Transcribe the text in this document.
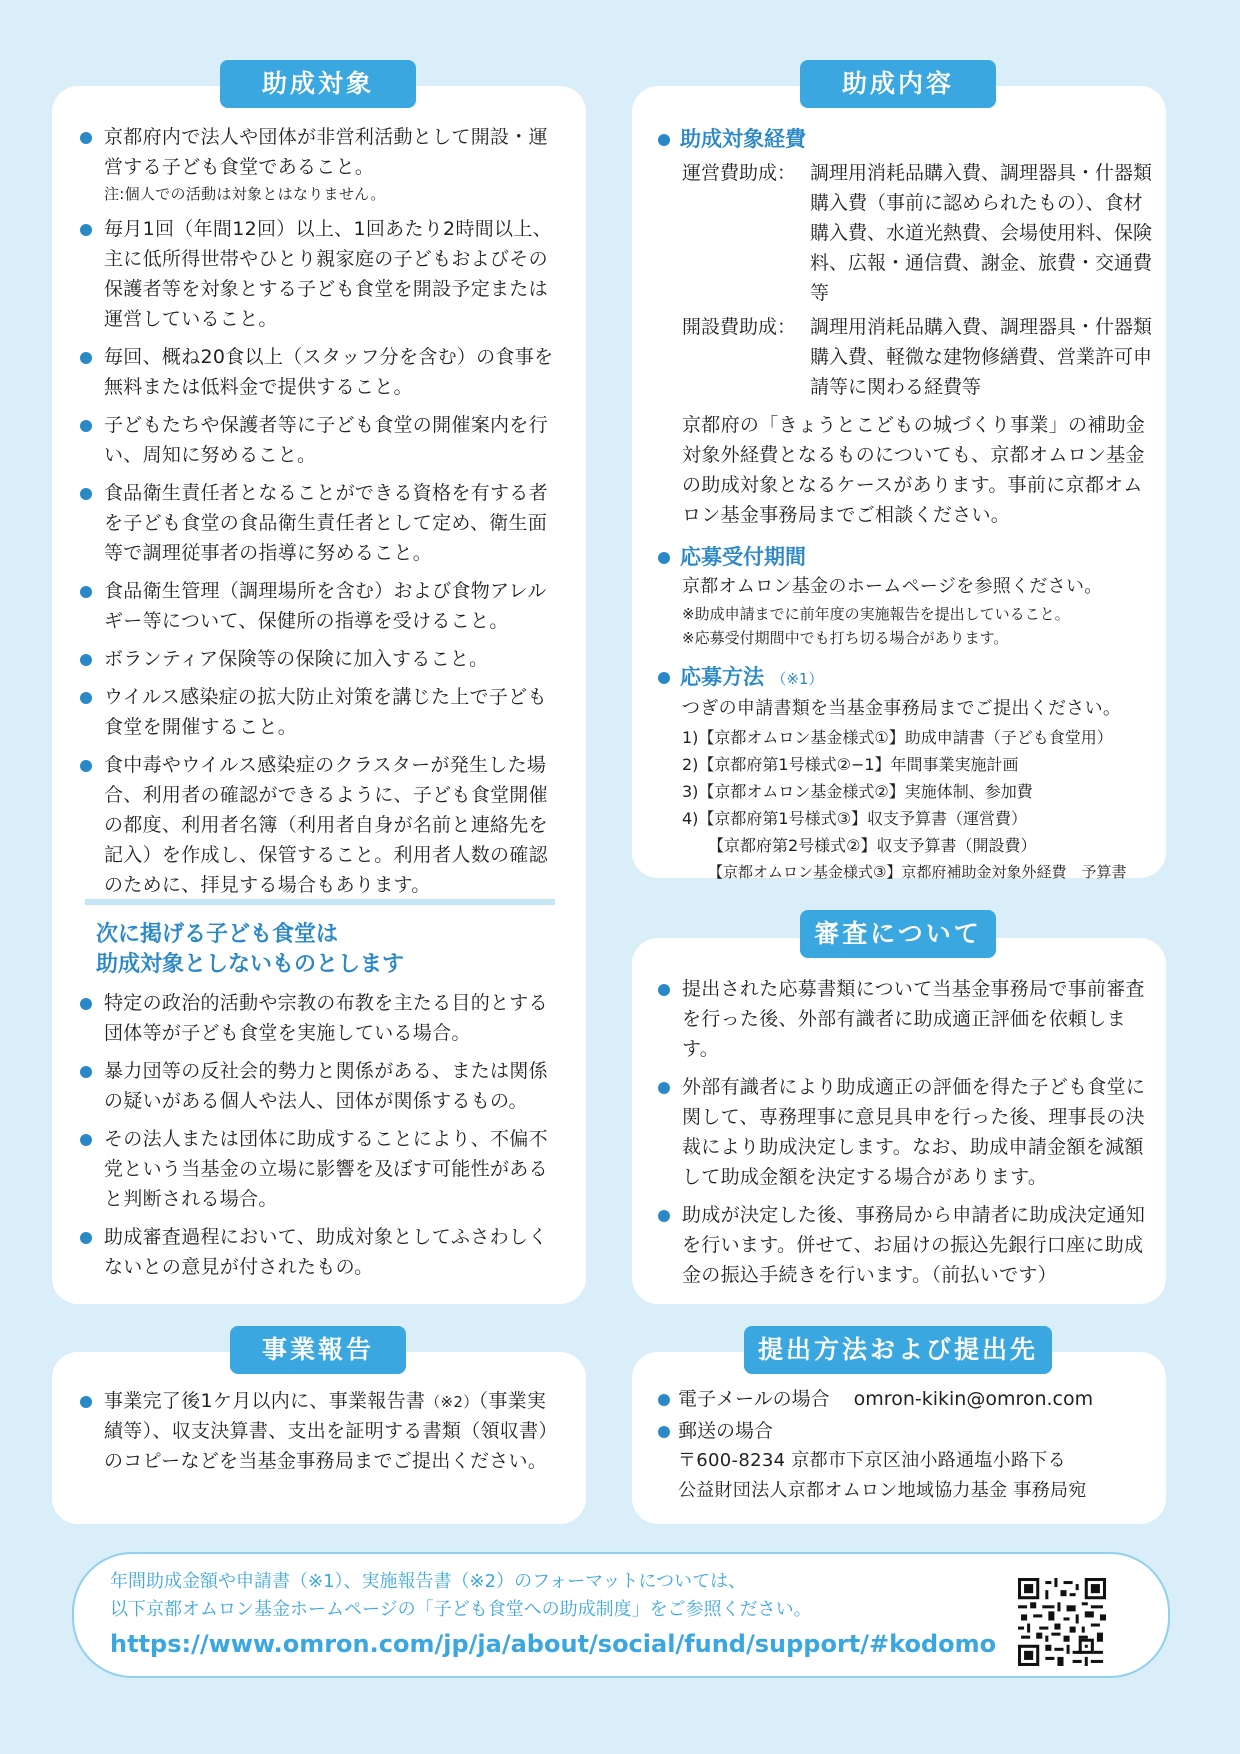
助成対象
京都府内で法人や団体が非営利活動として開設・運営する子ども食堂であること。
注:個人での活動は対象とはなりません。
毎月1回（年間12回）以上、1回あたり2時間以上、主に低所得世帯やひとり親家庭の子どもおよびその保護者等を対象とする子ども食堂を開設予定または運営していること。
毎回、概ね20食以上（スタッフ分を含む）の食事を無料または低料金で提供すること。
子どもたちや保護者等に子ども食堂の開催案内を行い、周知に努めること。
食品衛生責任者となることができる資格を有する者を子ども食堂の食品衛生責任者として定め、衛生面等で調理従事者の指導に努めること。
食品衛生管理（調理場所を含む）および食物アレルギー等について、保健所の指導を受けること。
ボランティア保険等の保険に加入すること。
ウイルス感染症の拡大防止対策を講じた上で子ども食堂を開催すること。
食中毒やウイルス感染症のクラスターが発生した場合、利用者の確認ができるように、子ども食堂開催の都度、利用者名簿（利用者自身が名前と連絡先を記入）を作成し、保管すること。利用者人数の確認のために、拝見する場合もあります。
次に掲げる子ども食堂は
助成対象としないものとします
特定の政治的活動や宗教の布教を主たる目的とする団体等が子ども食堂を実施している場合。
暴力団等の反社会的勢力と関係がある、または関係の疑いがある個人や法人、団体が関係するもの。
その法人または団体に助成することにより、不偏不党という当基金の立場に影響を及ぼす可能性があると判断される場合。
助成審査過程において、助成対象としてふさわしくないとの意見が付されたもの。
助成内容
助成対象経費
運営費助成： 調理用消耗品購入費、調理器具・什器類購入費（事前に認められたもの）、食材購入費、水道光熱費、会場使用料、保険料、広報・通信費、謝金、旅費・交通費等
開設費助成： 調理用消耗品購入費、調理器具・什器類購入費、軽微な建物修繕費、営業許可申請等に関わる経費等
京都府の「きょうとこどもの城づくり事業」の補助金対象外経費となるものについても、京都オムロン基金の助成対象となるケースがあります。事前に京都オムロン基金事務局までご相談ください。
応募受付期間
京都オムロン基金のホームページを参照ください。
※助成申請までに前年度の実施報告を提出していること。
※応募受付期間中でも打ち切る場合があります。
応募方法 （※1）
つぎの申請書類を当基金事務局までご提出ください。
1)【京都オムロン基金様式①】助成申請書（子ども食堂用）
2)【京都府第1号様式②−1】年間事業実施計画
3)【京都オムロン基金様式②】実施体制、参加費
4)【京都府第1号様式③】収支予算書（運営費）
【京都府第2号様式②】収支予算書（開設費）
【京都オムロン基金様式③】京都府補助金対象外経費　予算書
審査について
提出された応募書類について当基金事務局で事前審査を行った後、外部有識者に助成適正評価を依頼します。
外部有識者により助成適正の評価を得た子ども食堂に関して、専務理事に意見具申を行った後、理事長の決裁により助成決定します。なお、助成申請金額を減額して助成金額を決定する場合があります。
助成が決定した後、事務局から申請者に助成決定通知を行います。併せて、お届けの振込先銀行口座に助成金の振込手続きを行います。（前払いです）
事業報告
事業完了後1ケ月以内に、事業報告書（※2）（事業実績等）、収支決算書、支出を証明する書類（領収書）のコピーなどを当基金事務局までご提出ください。
提出方法および提出先
電子メールの場合 omron-kikin@omron.com
郵送の場合
〒600-8234 京都市下京区油小路通塩小路下る
公益財団法人京都オムロン地域協力基金 事務局宛
年間助成金額や申請書（※1）、実施報告書（※2）のフォーマットについては、
以下京都オムロン基金ホームページの「子ども食堂への助成制度」をご参照ください。
https://www.omron.com/jp/ja/about/social/fund/support/#kodomo
